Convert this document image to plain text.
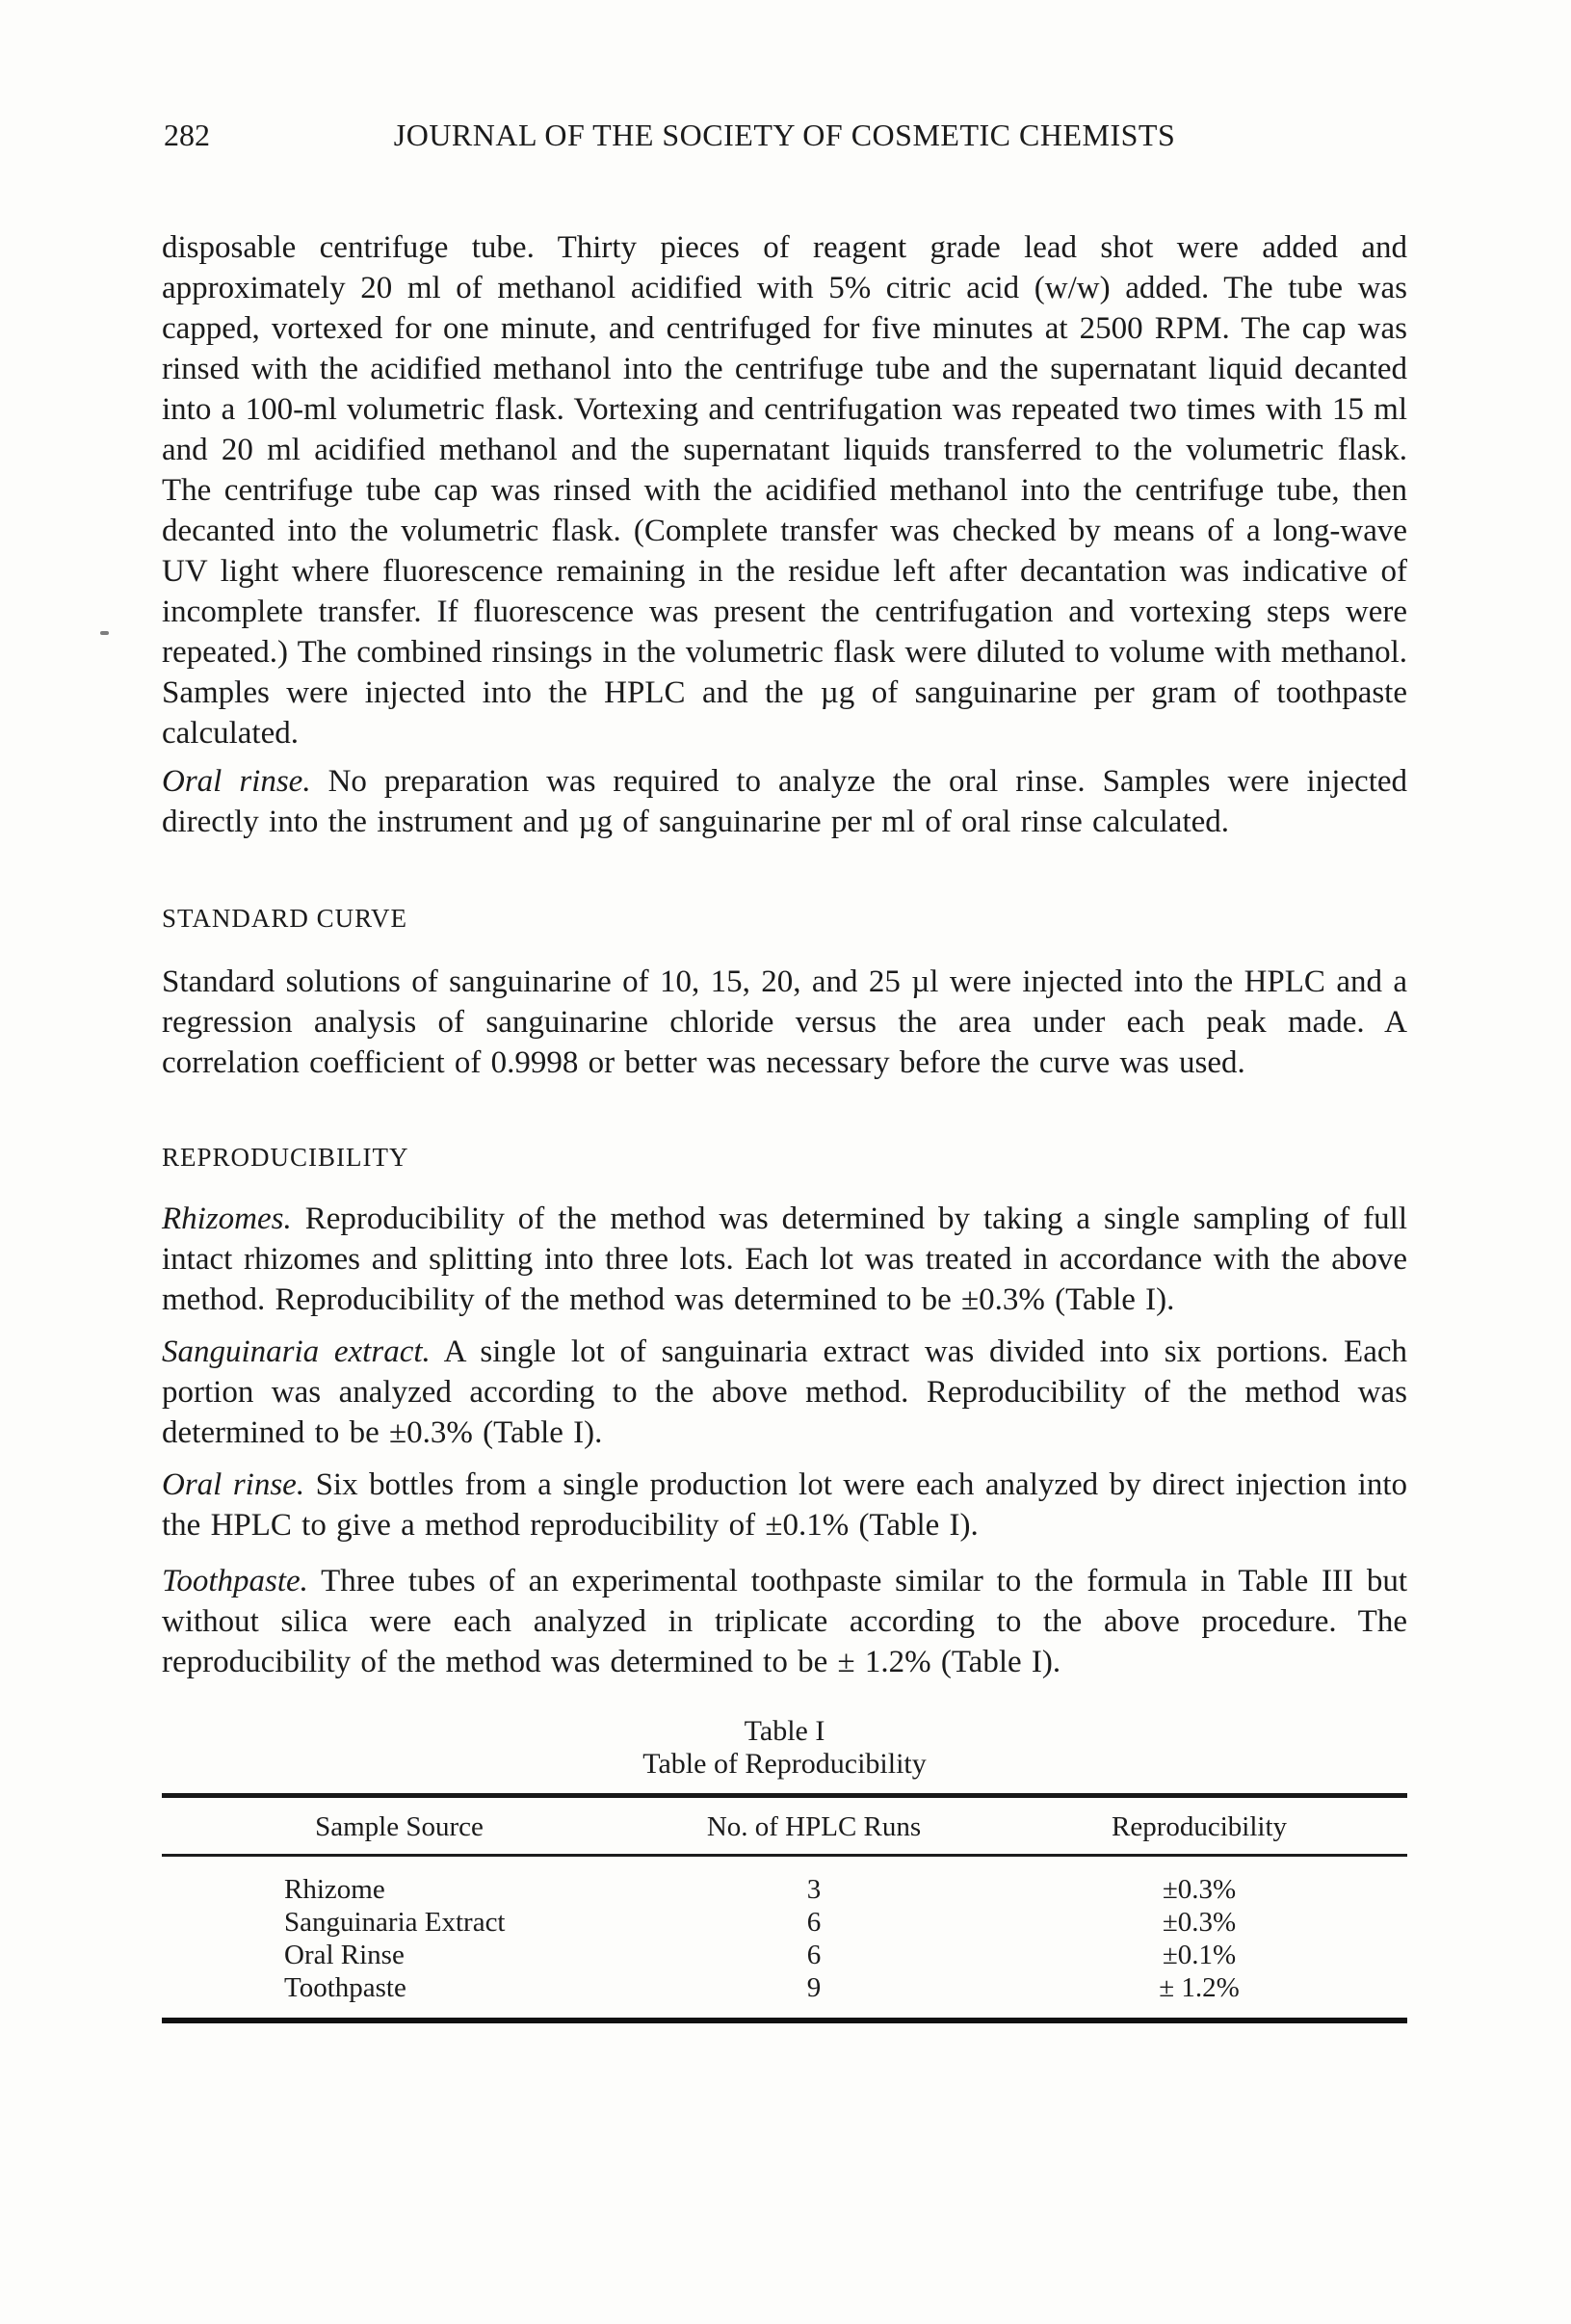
282	JOURNAL OF THE SOCIETY OF COSMETIC CHEMISTS

disposable centrifuge tube. Thirty pieces of reagent grade lead shot were added and approximately 20 ml of methanol acidified with 5% citric acid (w/w) added. The tube was capped, vortexed for one minute, and centrifuged for five minutes at 2500 RPM. The cap was rinsed with the acidified methanol into the centrifuge tube and the supernatant liquid decanted into a 100-ml volumetric flask. Vortexing and centrifugation was repeated two times with 15 ml and 20 ml acidified methanol and the supernatant liquids transferred to the volumetric flask. The centrifuge tube cap was rinsed with the acidified methanol into the centrifuge tube, then decanted into the volumetric flask. (Complete transfer was checked by means of a long-wave UV light where fluorescence remaining in the residue left after decantation was indicative of incomplete transfer. If fluorescence was present the centrifugation and vortexing steps were repeated.) The combined rinsings in the volumetric flask were diluted to volume with methanol. Samples were injected into the HPLC and the µg of sanguinarine per gram of toothpaste calculated.

Oral rinse. No preparation was required to analyze the oral rinse. Samples were injected directly into the instrument and µg of sanguinarine per ml of oral rinse calculated.

STANDARD CURVE

Standard solutions of sanguinarine of 10, 15, 20, and 25 µl were injected into the HPLC and a regression analysis of sanguinarine chloride versus the area under each peak made. A correlation coefficient of 0.9998 or better was necessary before the curve was used.

REPRODUCIBILITY

Rhizomes. Reproducibility of the method was determined by taking a single sampling of full intact rhizomes and splitting into three lots. Each lot was treated in accordance with the above method. Reproducibility of the method was determined to be ±0.3% (Table I).

Sanguinaria extract. A single lot of sanguinaria extract was divided into six portions. Each portion was analyzed according to the above method. Reproducibility of the method was determined to be ±0.3% (Table I).

Oral rinse. Six bottles from a single production lot were each analyzed by direct injection into the HPLC to give a method reproducibility of ±0.1% (Table I).

Toothpaste. Three tubes of an experimental toothpaste similar to the formula in Table III but without silica were each analyzed in triplicate according to the above procedure. The reproducibility of the method was determined to be ± 1.2% (Table I).

Table I
Table of Reproducibility
Sample Source	No. of HPLC Runs	Reproducibility
Rhizome	3	±0.3%
Sanguinaria Extract	6	±0.3%
Oral Rinse	6	±0.1%
Toothpaste	9	± 1.2%
